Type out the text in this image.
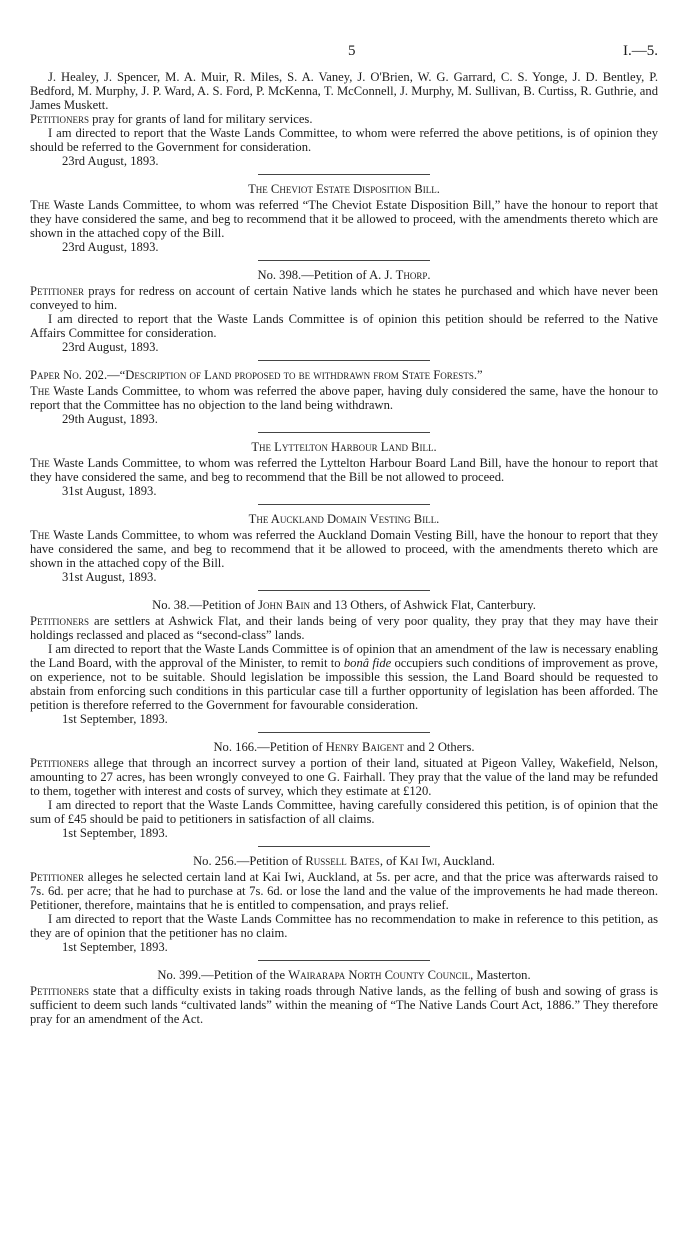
5	I.—5.

J. Healey, J. Spencer, M. A. Muir, R. Miles, S. A. Vaney, J. O'Brien, W. G. Garrard, C. S. Yonge, J. D. Bentley, P. Bedford, M. Murphy, J. P. Ward, A. S. Ford, P. McKenna, T. McConnell, J. Murphy, M. Sullivan, B. Curtiss, R. Guthrie, and James Muskett.

Petitioners pray for grants of land for military services.

I am directed to report that the Waste Lands Committee, to whom were referred the above petitions, is of opinion they should be referred to the Government for consideration.

23rd August, 1893.

The Cheviot Estate Disposition Bill.

The Waste Lands Committee, to whom was referred “The Cheviot Estate Disposition Bill,” have the honour to report that they have considered the same, and beg to recommend that it be allowed to proceed, with the amendments thereto which are shown in the attached copy of the Bill.

23rd August, 1893.

No. 398.—Petition of A. J. Thorp.

Petitioner prays for redress on account of certain Native lands which he states he purchased and which have never been conveyed to him.

I am directed to report that the Waste Lands Committee is of opinion this petition should be referred to the Native Affairs Committee for consideration.

23rd August, 1893.

Paper No. 202.—“Description of Land proposed to be withdrawn from State Forests.”

The Waste Lands Committee, to whom was referred the above paper, having duly considered the same, have the honour to report that the Committee has no objection to the land being withdrawn.

29th August, 1893.

The Lyttelton Harbour Land Bill.

The Waste Lands Committee, to whom was referred the Lyttelton Harbour Board Land Bill, have the honour to report that they have considered the same, and beg to recommend that the Bill be not allowed to proceed.

31st August, 1893.

The Auckland Domain Vesting Bill.

The Waste Lands Committee, to whom was referred the Auckland Domain Vesting Bill, have the honour to report that they have considered the same, and beg to recommend that it be allowed to proceed, with the amendments thereto which are shown in the attached copy of the Bill.

31st August, 1893.

No. 38.—Petition of John Bain and 13 Others, of Ashwick Flat, Canterbury.

Petitioners are settlers at Ashwick Flat, and their lands being of very poor quality, they pray that they may have their holdings reclassed and placed as “second-class” lands.

I am directed to report that the Waste Lands Committee is of opinion that an amendment of the law is necessary enabling the Land Board, with the approval of the Minister, to remit to bonâ fide occupiers such conditions of improvement as prove, on experience, not to be suitable. Should legislation be impossible this session, the Land Board should be requested to abstain from enforcing such conditions in this particular case till a further opportunity of legislation has been afforded. The petition is therefore referred to the Government for favourable consideration.

1st September, 1893.

No. 166.—Petition of Henry Baigent and 2 Others.

Petitioners allege that through an incorrect survey a portion of their land, situated at Pigeon Valley, Wakefield, Nelson, amounting to 27 acres, has been wrongly conveyed to one G. Fairhall. They pray that the value of the land may be refunded to them, together with interest and costs of survey, which they estimate at £120.

I am directed to report that the Waste Lands Committee, having carefully considered this petition, is of opinion that the sum of £45 should be paid to petitioners in satisfaction of all claims.

1st September, 1893.

No. 256.—Petition of Russell Bates, of Kai Iwi, Auckland.

Petitioner alleges he selected certain land at Kai Iwi, Auckland, at 5s. per acre, and that the price was afterwards raised to 7s. 6d. per acre; that he had to purchase at 7s. 6d. or lose the land and the value of the improvements he had made thereon. Petitioner, therefore, maintains that he is entitled to compensation, and prays relief.

I am directed to report that the Waste Lands Committee has no recommendation to make in reference to this petition, as they are of opinion that the petitioner has no claim.

1st September, 1893.

No. 399.—Petition of the Wairarapa North County Council, Masterton.

Petitioners state that a difficulty exists in taking roads through Native lands, as the felling of bush and sowing of grass is sufficient to deem such lands “cultivated lands” within the meaning of “The Native Lands Court Act, 1886.” They therefore pray for an amendment of the Act.
